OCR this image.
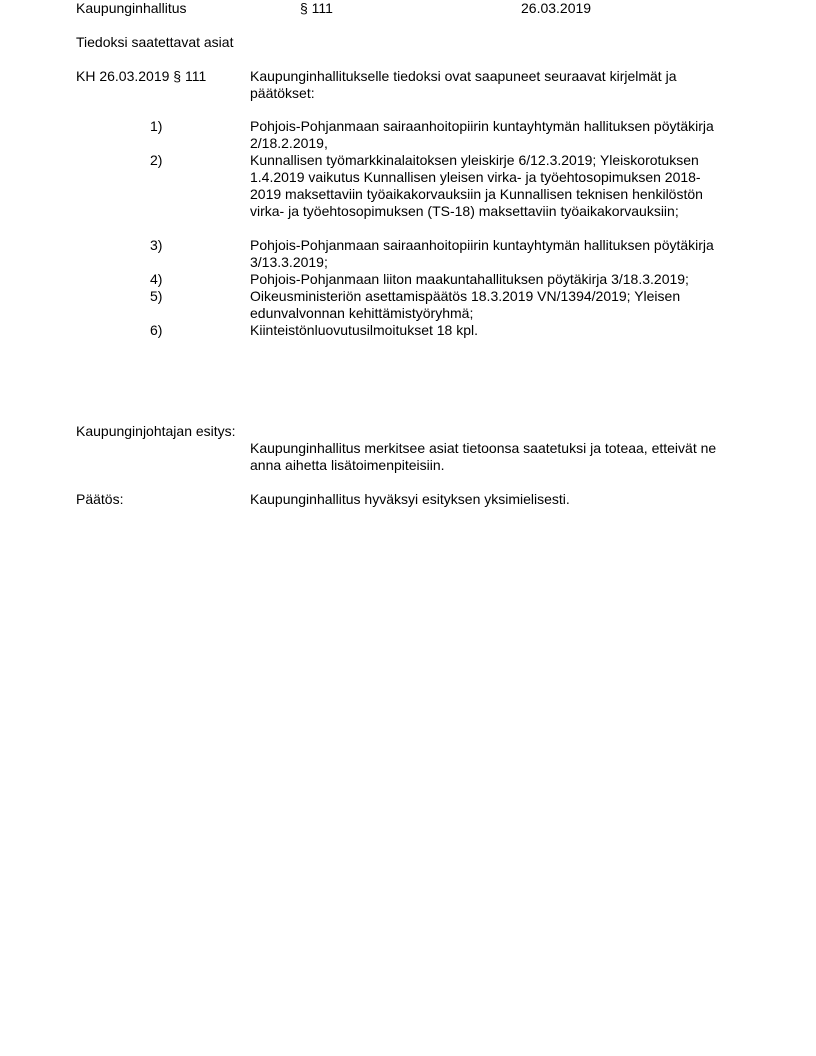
Kaupunginhallitus	§ 111	26.03.2019
Tiedoksi saatettavat asiat
KH 26.03.2019 § 111	Kaupunginhallitukselle tiedoksi ovat saapuneet seuraavat kirjelmät ja päätökset:
1)	Pohjois-Pohjanmaan sairaanhoitopiirin kuntayhtymän hallituksen pöytäkirja 2/18.2.2019,
2)	Kunnallisen työmarkkinalaitoksen yleiskirje 6/12.3.2019; Yleiskorotuksen 1.4.2019 vaikutus Kunnallisen yleisen virka- ja työehtosopimuksen 2018-2019 maksettaviin työaikakorvauksiin ja Kunnallisen teknisen henkilöstön virka- ja työehtosopimuksen (TS-18) maksettaviin työaikakorvauksiin;
3)	Pohjois-Pohjanmaan sairaanhoitopiirin kuntayhtymän hallituksen pöytäkirja 3/13.3.2019;
4)	Pohjois-Pohjanmaan liiton maakuntahallituksen pöytäkirja 3/18.3.2019;
5)	Oikeusministeriön asettamispäätös 18.3.2019 VN/1394/2019; Yleisen edunvalvonnan kehittämistyöryhmä;
6)	Kiinteistönluovutusilmoitukset 18 kpl.
Kaupunginjohtajan esitys:
Kaupunginhallitus merkitsee asiat tietoonsa saatetuksi ja toteaa, etteivät ne anna aihetta lisätoimenpiteisiin.
Päätös:	Kaupunginhallitus hyväksyi esityksen yksimielisesti.
